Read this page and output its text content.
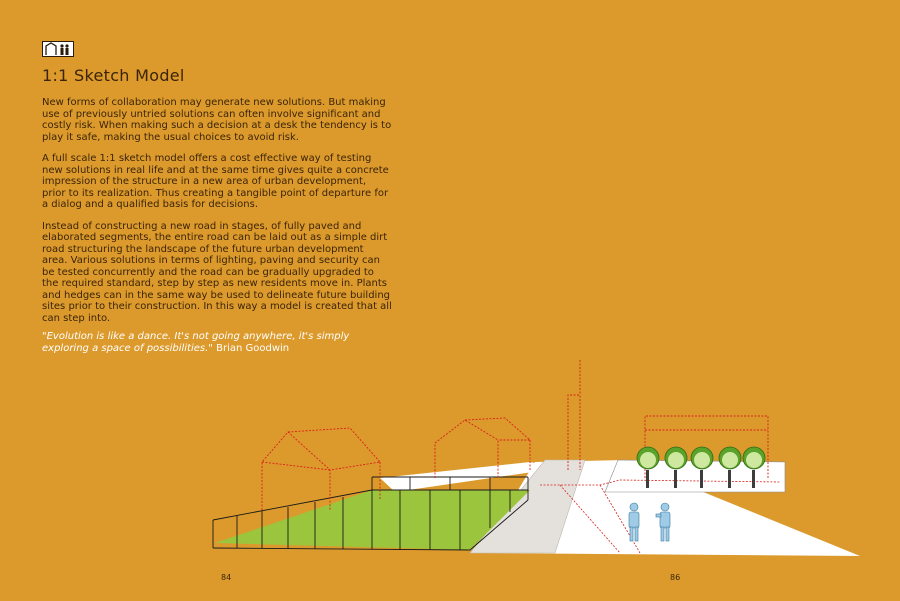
1:1 Sketch Model

New forms of collaboration may generate new solutions. But making use of previously untried solutions can often involve significant and costly risk. When making such a decision at a desk the tendency is to play it safe, making the usual choices to avoid risk.

A full scale 1:1 sketch model offers a cost effective way of testing new solutions in real life and at the same time gives quite a concrete impression of the structure in a new area of urban development, prior to its realization. Thus creating a tangible point of departure for a dialog and a qualified basis for decisions.

Instead of constructing a new road in stages, of fully paved and elaborated segments, the entire road can be laid out as a simple dirt road structuring the landscape of the future urban development area. Various solutions in terms of lighting, paving and security can be tested concurrently and the road can be gradually upgraded to the required standard, step by step as new residents move in. Plants and hedges can in the same way be used to delineate future building sites prior to their construction. In this way a model is created that all can step into.

"Evolution is like a dance. It's not going anywhere, it's simply exploring a space of possibilities." Brian Goodwin
84	86
